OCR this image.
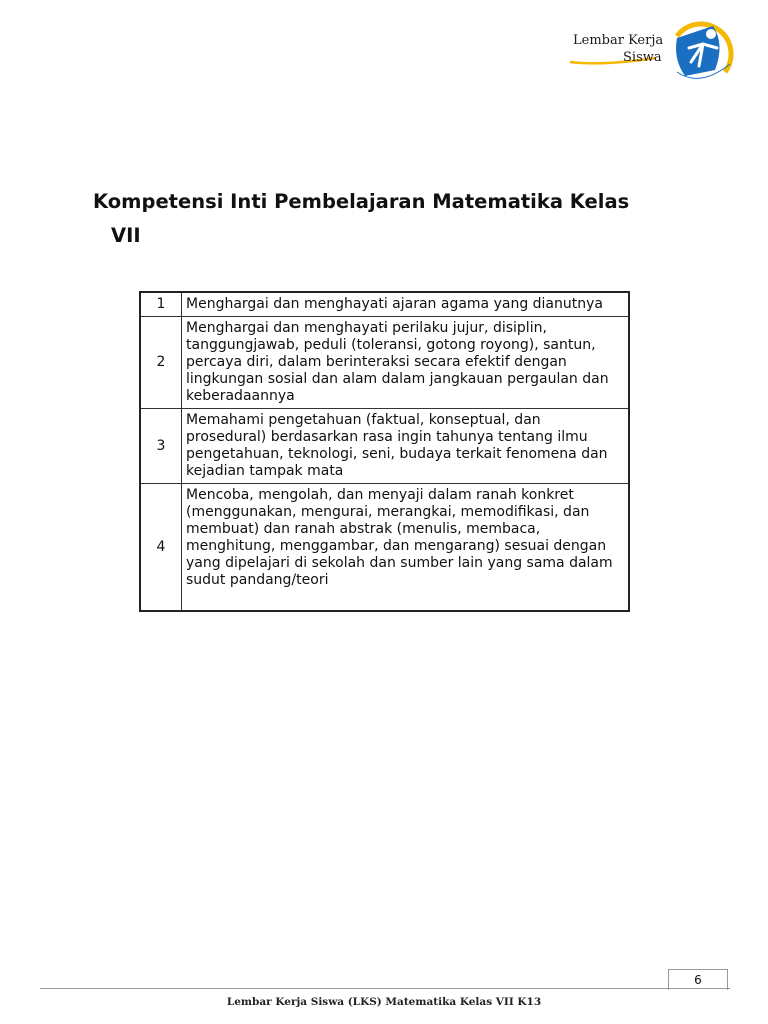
Lembar Kerja
Siswa
Kompetensi Inti Pembelajaran Matematika Kelas
VII
1	Menghargai dan menghayati ajaran agama yang dianutnya
2	Menghargai dan menghayati perilaku jujur, disiplin, tanggungjawab, peduli (toleransi, gotong royong), santun, percaya diri, dalam berinteraksi secara efektif dengan lingkungan sosial dan alam dalam jangkauan pergaulan dan keberadaannya
3	Memahami pengetahuan (faktual, konseptual, dan prosedural) berdasarkan rasa ingin tahunya tentang ilmu pengetahuan, teknologi, seni, budaya terkait fenomena dan kejadian tampak mata
4	Mencoba, mengolah, dan menyaji dalam ranah konkret (menggunakan, mengurai, merangkai, memodifikasi, dan membuat) dan ranah abstrak (menulis, membaca, menghitung, menggambar, dan mengarang) sesuai dengan yang dipelajari di sekolah dan sumber lain yang sama dalam sudut pandang/teori
6
Lembar Kerja Siswa (LKS) Matematika Kelas VII K13
